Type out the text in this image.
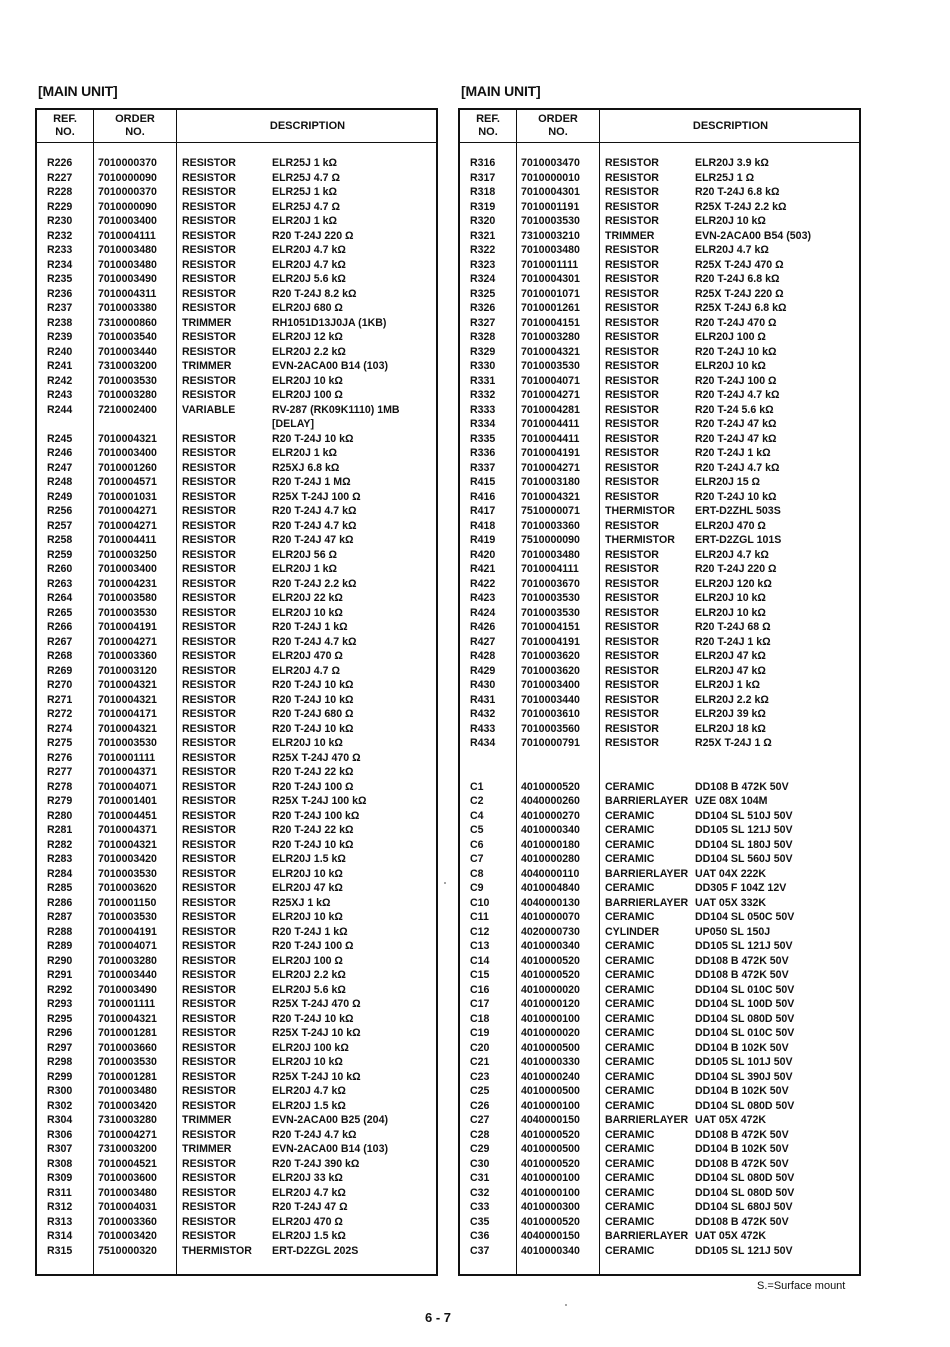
[MAIN UNIT]
REF.
NO.
ORDER
NO.
DESCRIPTION
R226 7010000370 RESISTOR	ELR25J 1 kΩ
R227 7010000090 RESISTOR	ELR25J 4.7 Ω
R228 7010000370 RESISTOR	ELR25J 1 kΩ
R229 7010000090 RESISTOR	ELR25J 4.7 Ω
R230 7010003400 RESISTOR	ELR20J 1 kΩ
R232 7010004111 RESISTOR	R20 T-24J 220 Ω
R233 7010003480 RESISTOR	ELR20J 4.7 kΩ
R234 7010003480 RESISTOR	ELR20J 4.7 kΩ
R235 7010003490 RESISTOR	ELR20J 5.6 kΩ
R236 7010004311 RESISTOR	R20 T-24J 8.2 kΩ
R237 7010003380 RESISTOR	ELR20J 680 Ω
R238 7310000860 TRIMMER	RH1051D13J0JA (1KB)
R239 7010003540 RESISTOR	ELR20J 12 kΩ
R240 7010003440 RESISTOR	ELR20J 2.2 kΩ
R241 7310003200 TRIMMER	EVN-2ACA00 B14 (103)
R242 7010003530 RESISTOR	ELR20J 10 kΩ
R243 7010003280 RESISTOR	ELR20J 100 Ω
R244 7210002400 VARIABLE	RV-287 (RK09K1110) 1MB
[DELAY]
R245 7010004321 RESISTOR	R20 T-24J 10 kΩ
R246 7010003400 RESISTOR	ELR20J 1 kΩ
R247 7010001260 RESISTOR	R25XJ 6.8 kΩ
R248 7010004571 RESISTOR	R20 T-24J 1 MΩ
R249 7010001031 RESISTOR	R25X T-24J 100 Ω
R256 7010004271 RESISTOR	R20 T-24J 4.7 kΩ
R257 7010004271 RESISTOR	R20 T-24J 4.7 kΩ
R258 7010004411 RESISTOR	R20 T-24J 47 kΩ
R259 7010003250 RESISTOR	ELR20J 56 Ω
R260 7010003400 RESISTOR	ELR20J 1 kΩ
R263 7010004231 RESISTOR	R20 T-24J 2.2 kΩ
R264 7010003580 RESISTOR	ELR20J 22 kΩ
R265 7010003530 RESISTOR	ELR20J 10 kΩ
R266 7010004191 RESISTOR	R20 T-24J 1 kΩ
R267 7010004271 RESISTOR	R20 T-24J 4.7 kΩ
R268 7010003360 RESISTOR	ELR20J 470 Ω
R269 7010003120 RESISTOR	ELR20J 4.7 Ω
R270 7010004321 RESISTOR	R20 T-24J 10 kΩ
R271 7010004321 RESISTOR	R20 T-24J 10 kΩ
R272 7010004171 RESISTOR	R20 T-24J 680 Ω
R274 7010004321 RESISTOR	R20 T-24J 10 kΩ
R275 7010003530 RESISTOR	ELR20J 10 kΩ
R276 7010001111	RESISTOR	R25X T-24J 470 Ω
R277 7010004371 RESISTOR	R20 T-24J 22 kΩ
R278 7010004071 RESISTOR	R20 T-24J 100 Ω
R279 7010001401 RESISTOR	R25X T-24J 100 kΩ
R280 7010004451 RESISTOR	R20 T-24J 100 kΩ
R281 7010004371 RESISTOR	R20 T-24J 22 kΩ
R282 7010004321 RESISTOR	R20 T-24J 10 kΩ
R283 7010003420 RESISTOR	ELR20J 1.5 kΩ
R284 7010003530 RESISTOR	ELR20J 10 kΩ
R285 7010003620 RESISTOR	ELR20J 47 kΩ
R286 7010001150 RESISTOR	R25XJ 1 kΩ
R287 7010003530 RESISTOR	ELR20J 10 kΩ
R288 7010004191 RESISTOR	R20 T-24J 1 kΩ
R289 7010004071 RESISTOR	R20 T-24J 100 Ω
R290 7010003280 RESISTOR	ELR20J 100 Ω
R291 7010003440 RESISTOR	ELR20J 2.2 kΩ
R292 7010003490 RESISTOR	ELR20J 5.6 kΩ
R293 7010001111	RESISTOR	R25X T-24J 470 Ω
R295 7010004321 RESISTOR	R20 T-24J 10 kΩ
R296 7010001281 RESISTOR	R25X T-24J 10 kΩ
R297 7010003660 RESISTOR	ELR20J 100 kΩ
R298 7010003530 RESISTOR	ELR20J 10 kΩ
R299 7010001281 RESISTOR	R25X T-24J 10 kΩ
R300 7010003480 RESISTOR	ELR20J 4.7 kΩ
R302 7010003420 RESISTOR	ELR20J 1.5 kΩ
R304 7310003280 TRIMMER	EVN-2ACA00 B25 (204)
R306 7010004271 RESISTOR	R20 T-24J 4.7 kΩ
R307 7310003200 TRIMMER	EVN-2ACA00 B14 (103)
R308 7010004521 RESISTOR	R20 T-24J 390 kΩ
R309 7010003600 RESISTOR	ELR20J 33 kΩ
R311 7010003480 RESISTOR	ELR20J 4.7 kΩ
R312 7010004031 RESISTOR	R20 T-24J 47 Ω
R313 7010003360 RESISTOR	ELR20J 470 Ω
R314 7010003420 RESISTOR	ELR20J 1.5 kΩ
R315 7510000320 THERMISTOR ERT-D2ZGL 202S
[MAIN UNIT]
REF.
NO.
ORDER
NO.
DESCRIPTION
R316 7010003470 RESISTOR	ELR20J 3.9 kΩ
R317 7010000010 RESISTOR	ELR25J 1 Ω
R318 7010004301 RESISTOR	R20 T-24J 6.8 kΩ
R319 7010001191 RESISTOR	R25X T-24J 2.2 kΩ
R320 7010003530 RESISTOR	ELR20J 10 kΩ
R321 7310003210 TRIMMER	EVN-2ACA00 B54 (503)
R322 7010003480 RESISTOR	ELR20J 4.7 kΩ
R323 7010001111	RESISTOR	R25X T-24J 470 Ω
R324 7010004301 RESISTOR	R20 T-24J 6.8 kΩ
R325 7010001071 RESISTOR	R25X T-24J 220 Ω
R326 7010001261 RESISTOR	R25X T-24J 6.8 kΩ
R327 7010004151 RESISTOR	R20 T-24J 470 Ω
R328 7010003280 RESISTOR	ELR20J 100 Ω
R329 7010004321 RESISTOR	R20 T-24J 10 kΩ
R330 7010003530 RESISTOR	ELR20J 10 kΩ
R331 7010004071 RESISTOR	R20 T-24J 100 Ω
R332 7010004271 RESISTOR	R20 T-24J 4.7 kΩ
R333 7010004281 RESISTOR	R20 T-24 5.6 kΩ
R334 7010004411 RESISTOR	R20 T-24J 47 kΩ
R335 7010004411 RESISTOR	R20 T-24J 47 kΩ
R336 7010004191 RESISTOR	R20 T-24J 1 kΩ
R337 7010004271 RESISTOR	R20 T-24J 4.7 kΩ
R415 7010003180 RESISTOR	ELR20J 15 Ω
R416 7010004321 RESISTOR	R20 T-24J 10 kΩ
R417 7510000071 THERMISTOR ERT-D2ZHL 503S
R418 7010003360 RESISTOR	ELR20J 470 Ω
R419 7510000090 THERMISTOR ERT-D2ZGL 101S
R420 7010003480 RESISTOR	ELR20J 4.7 kΩ
R421 7010004111 RESISTOR	R20 T-24J 220 Ω
R422 7010003670 RESISTOR	ELR20J 120 kΩ
R423 7010003530 RESISTOR	ELR20J 10 kΩ
R424 7010003530 RESISTOR	ELR20J 10 kΩ
R426 7010004151 RESISTOR	R20 T-24J 68 Ω
R427 7010004191 RESISTOR	R20 T-24J 1 kΩ
R428 7010003620 RESISTOR	ELR20J 47 kΩ
R429 7010003620 RESISTOR	ELR20J 47 kΩ
R430 7010003400 RESISTOR	ELR20J 1 kΩ
R431 7010003440 RESISTOR	ELR20J 2.2 kΩ
R432 7010003610 RESISTOR	ELR20J 39 kΩ
R433 7010003560 RESISTOR	ELR20J 18 kΩ
R434 7010000791 RESISTOR	R25X T-24J 1 Ω
C1	4010000520 CERAMIC	DD108 B 472K 50V
C2	4040000260 BARRIERLAYER UZE 08X 104M
C4	4010000270 CERAMIC	DD104 SL 510J 50V
C5	4010000340 CERAMIC	DD105 SL 121J 50V
C6	4010000180 CERAMIC	DD104 SL 180J 50V
C7	4010000280 CERAMIC	DD104 SL 560J 50V
C8	4040000110 BARRIERLAYER UAT 04X 222K
C9	4010004840 CERAMIC	DD305 F 104Z 12V
C10	4040000130 BARRIERLAYER UAT 05X 332K
C11	4010000070 CERAMIC	DD104 SL 050C 50V
C12	4020000730 CYLINDER	UP050 SL 150J
C13	4010000340 CERAMIC	DD105 SL 121J 50V
C14	4010000520 CERAMIC	DD108 B 472K 50V
C15	4010000520 CERAMIC	DD108 B 472K 50V
C16	4010000020 CERAMIC	DD104 SL 010C 50V
C17	4010000120 CERAMIC	DD104 SL 100D 50V
C18	4010000100 CERAMIC	DD104 SL 080D 50V
C19	4010000020 CERAMIC	DD104 SL 010C 50V
C20	4010000500 CERAMIC	DD104 B 102K 50V
C21	4010000330 CERAMIC	DD105 SL 101J 50V
C23	4010000240 CERAMIC	DD104 SL 390J 50V
C25	4010000500 CERAMIC	DD104 B 102K 50V
C26	4010000100 CERAMIC	DD104 SL 080D 50V
C27	4040000150 BARRIERLAYER UAT 05X 472K
C28	4010000520 CERAMIC	DD108 B 472K 50V
C29	4010000500 CERAMIC	DD104 B 102K 50V
C30	4010000520 CERAMIC	DD108 B 472K 50V
C31	4010000100 CERAMIC	DD104 SL 080D 50V
C32	4010000100 CERAMIC	DD104 SL 080D 50V
C33	4010000300 CERAMIC	DD104 SL 680J 50V
C35	4010000520 CERAMIC	DD108 B 472K 50V
C36	4040000150 BARRIERLAYER UAT 05X 472K
C37	4010000340 CERAMIC	DD105 SL 121J 50V
S.=Surface mount
6 - 7
